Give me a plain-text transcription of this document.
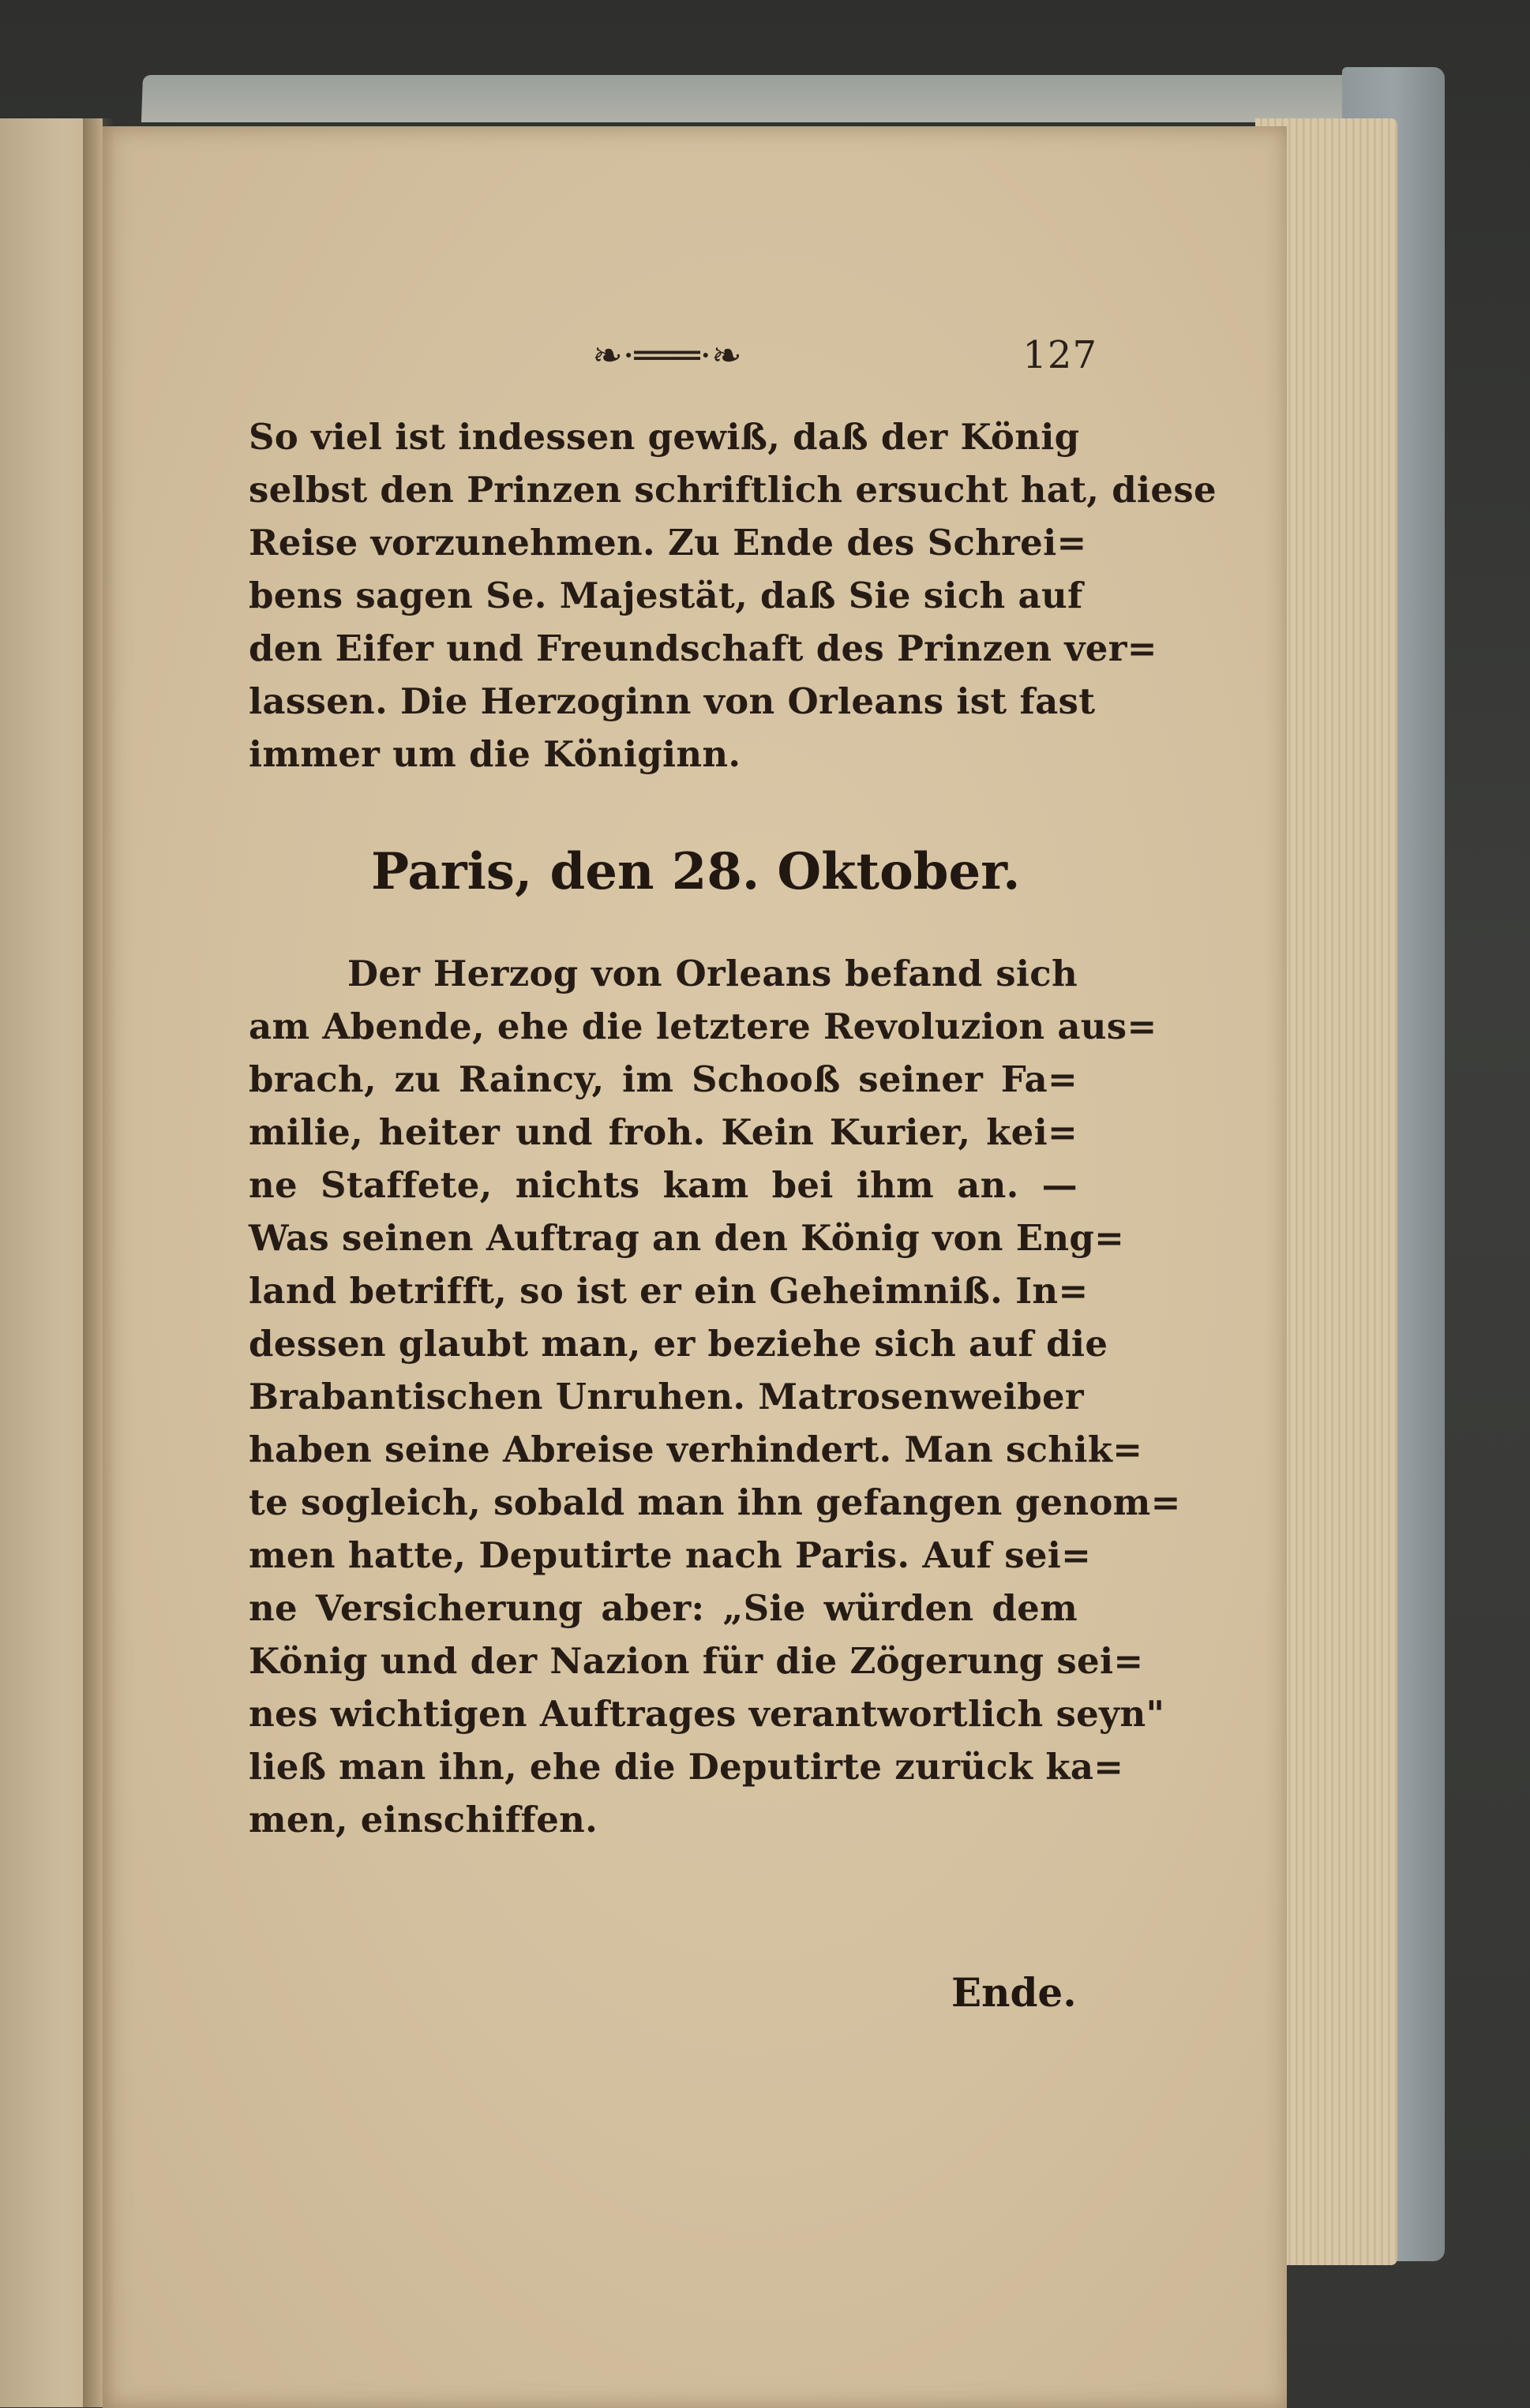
❧·═══·❧	127
So viel ist indessen gewiß, daß der König
selbst den Prinzen schriftlich ersucht hat, diese
Reise vorzunehmen. Zu Ende des Schrei=
bens sagen Se. Majestät, daß Sie sich auf
den Eifer und Freundschaft des Prinzen ver=
lassen. Die Herzoginn von Orleans ist fast
immer um die Königinn.
Paris, den 28. Oktober.
Der Herzog von Orleans befand sich
am Abende, ehe die letztere Revoluzion aus=
brach, zu Raincy, im Schooß seiner Fa=
milie, heiter und froh. Kein Kurier, kei=
ne Staffete, nichts kam bei ihm an. —
Was seinen Auftrag an den König von Eng=
land betrifft, so ist er ein Geheimniß. In=
dessen glaubt man, er beziehe sich auf die
Brabantischen Unruhen. Matrosenweiber
haben seine Abreise verhindert. Man schik=
te sogleich, sobald man ihn gefangen genom=
men hatte, Deputirte nach Paris. Auf sei=
ne Versicherung aber: „Sie würden dem
König und der Nazion für die Zögerung sei=
nes wichtigen Auftrages verantwortlich seyn"
ließ man ihn, ehe die Deputirte zurück ka=
men, einschiffen.
Ende.
